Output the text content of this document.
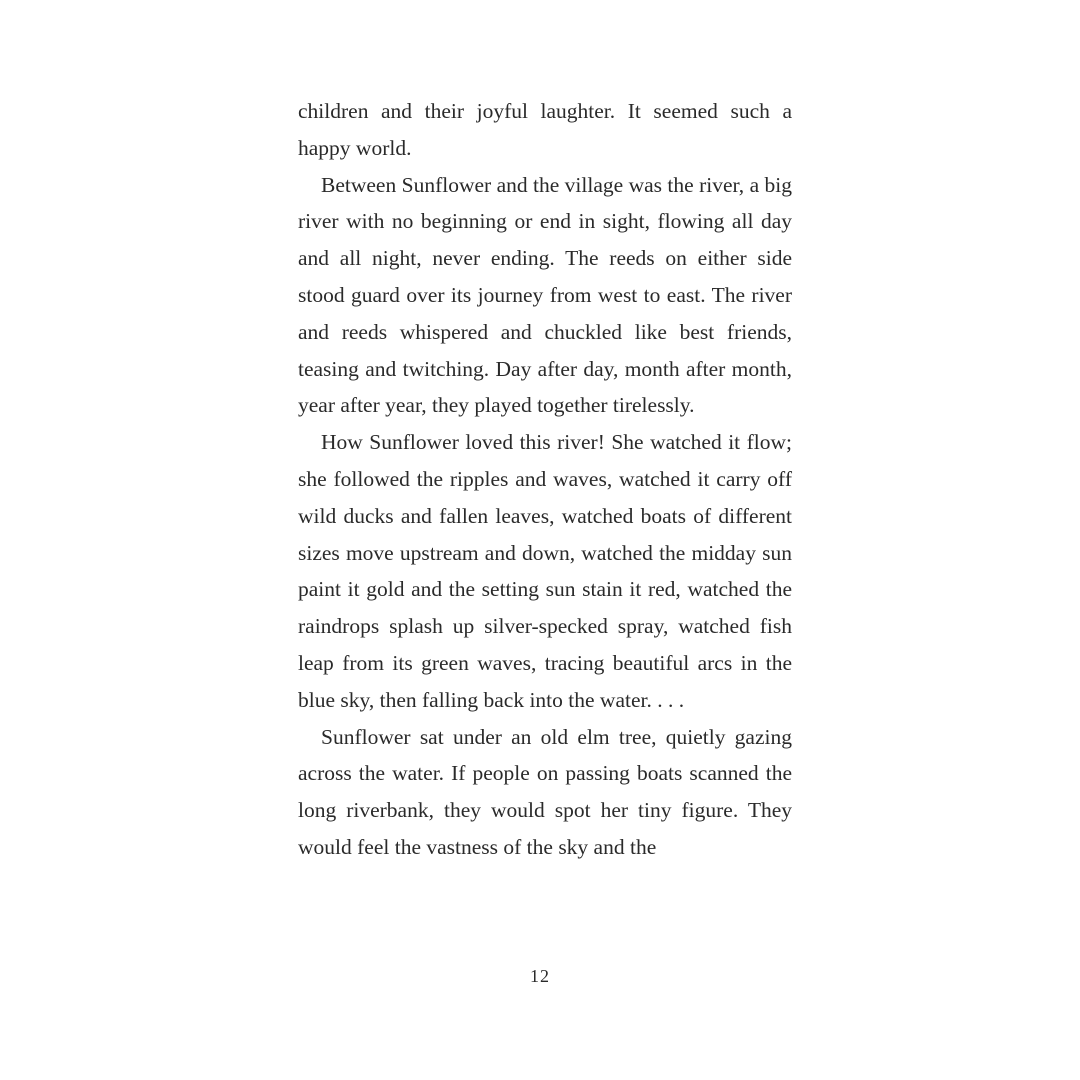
children and their joyful laughter. It seemed such a happy world.

Between Sunflower and the village was the river, a big river with no beginning or end in sight, flowing all day and all night, never ending. The reeds on either side stood guard over its journey from west to east. The river and reeds whispered and chuckled like best friends, teasing and twitching. Day after day, month after month, year after year, they played together tirelessly.

How Sunflower loved this river! She watched it flow; she followed the ripples and waves, watched it carry off wild ducks and fallen leaves, watched boats of different sizes move upstream and down, watched the midday sun paint it gold and the setting sun stain it red, watched the raindrops splash up silver-specked spray, watched fish leap from its green waves, tracing beautiful arcs in the blue sky, then falling back into the water. . . .

Sunflower sat under an old elm tree, quietly gazing across the water. If people on passing boats scanned the long riverbank, they would spot her tiny figure. They would feel the vastness of the sky and the

12
